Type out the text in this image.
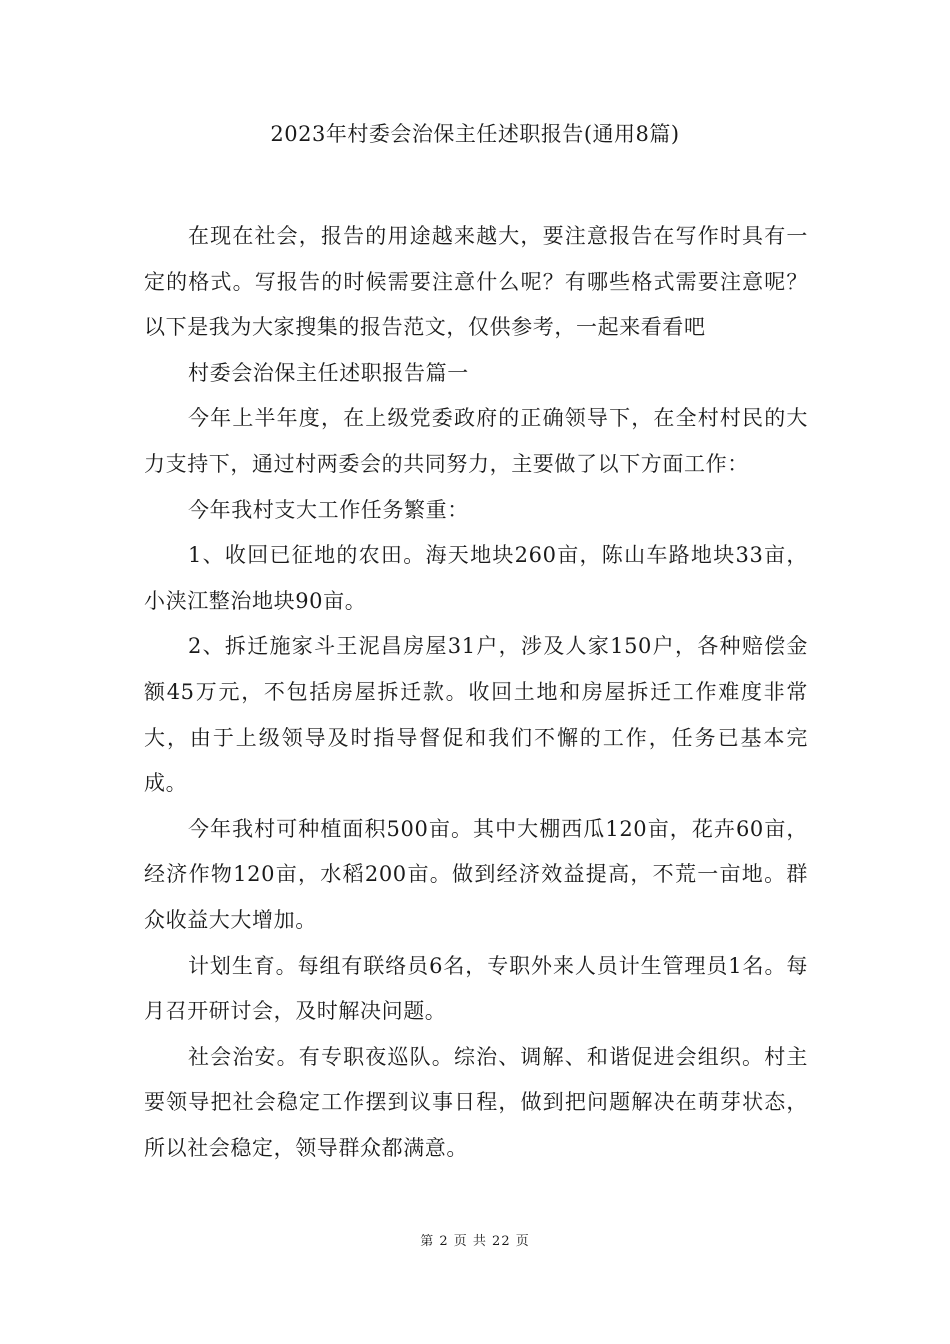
2023年村委会治保主任述职报告(通用8篇)

在现在社会，报告的用途越来越大，要注意报告在写作时具有一定的格式。写报告的时候需要注意什么呢？有哪些格式需要注意呢？以下是我为大家搜集的报告范文，仅供参考，一起来看看吧

村委会治保主任述职报告篇一

今年上半年度，在上级党委政府的正确领导下，在全村村民的大力支持下，通过村两委会的共同努力，主要做了以下方面工作：

今年我村支大工作任务繁重：

1、收回已征地的农田。海天地块260亩，陈山车路地块33亩，小浃江整治地块90亩。

2、拆迁施家斗王泥昌房屋31户，涉及人家150户，各种赔偿金额45万元，不包括房屋拆迁款。收回土地和房屋拆迁工作难度非常大，由于上级领导及时指导督促和我们不懈的工作，任务已基本完成。

今年我村可种植面积500亩。其中大棚西瓜120亩，花卉60亩，经济作物120亩，水稻200亩。做到经济效益提高，不荒一亩地。群众收益大大增加。

计划生育。每组有联络员6名，专职外来人员计生管理员1名。每月召开研讨会，及时解决问题。

社会治安。有专职夜巡队。综治、调解、和谐促进会组织。村主要领导把社会稳定工作摆到议事日程，做到把问题解决在萌芽状态，所以社会稳定，领导群众都满意。

第 2 页 共 22 页
